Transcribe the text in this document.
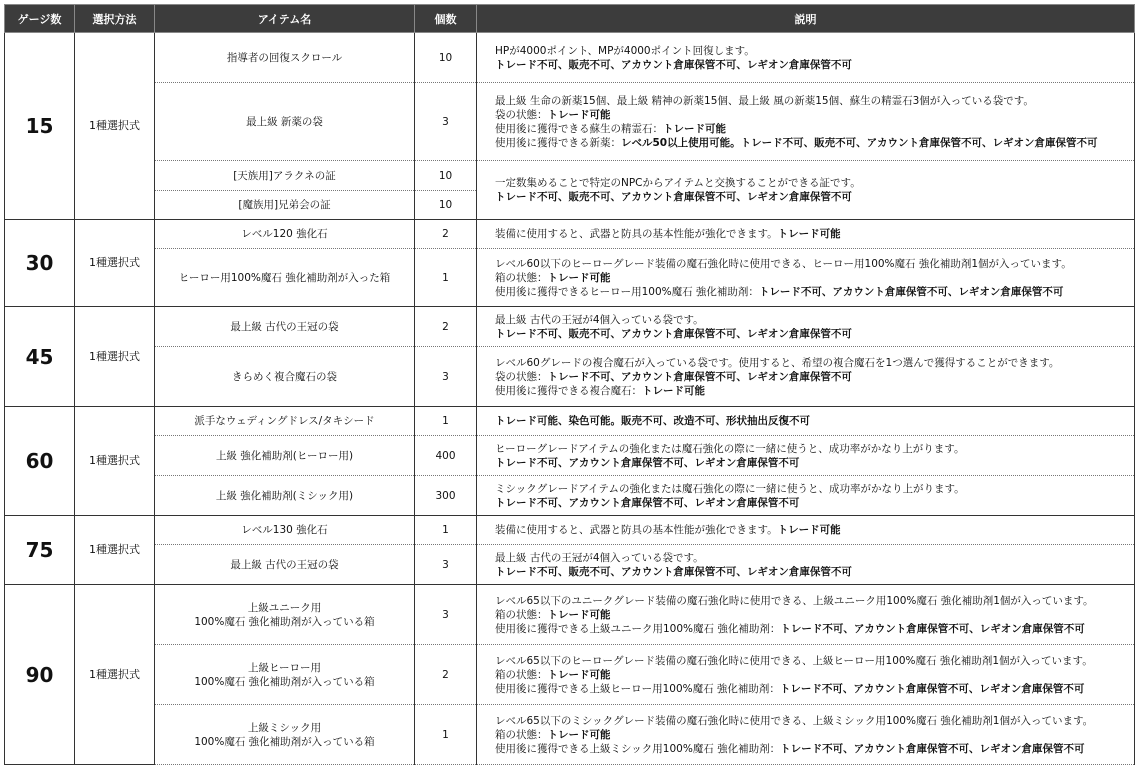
ゲージ数	選択方法	アイテム名	個数	説明
15	1種選択式	指導者の回復スクロール	10	HPが4000ポイント、MPが4000ポイント回復します。
トレード不可、販売不可、アカウント倉庫保管不可、レギオン倉庫保管不可
		最上級 新薬の袋	3	最上級 生命の新薬15個、最上級 精神の新薬15個、最上級 風の新薬15個、蘇生の精霊石3個が入っている袋です。
袋の状態：トレード可能
使用後に獲得できる蘇生の精霊石：トレード可能
使用後に獲得できる新薬：レベル50以上使用可能。トレード不可、販売不可、アカウント倉庫保管不可、レギオン倉庫保管不可
		[天族用]アラクネの証	10	一定数集めることで特定のNPCからアイテムと交換することができる証です。
トレード不可、販売不可、アカウント倉庫保管不可、レギオン倉庫保管不可
		[魔族用]兄弟会の証	10	
30	1種選択式	レベル120 強化石	2	装備に使用すると、武器と防具の基本性能が強化できます。トレード可能
		ヒーロー用100%魔石 強化補助剤が入った箱	1	レベル60以下のヒーローグレード装備の魔石強化時に使用できる、ヒーロー用100%魔石 強化補助剤1個が入っています。
箱の状態：トレード可能
使用後に獲得できるヒーロー用100%魔石 強化補助剤：トレード不可、アカウント倉庫保管不可、レギオン倉庫保管不可
45	1種選択式	最上級 古代の王冠の袋	2	最上級 古代の王冠が4個入っている袋です。
トレード不可、販売不可、アカウント倉庫保管不可、レギオン倉庫保管不可
		きらめく複合魔石の袋	3	レベル60グレードの複合魔石が入っている袋です。使用すると、希望の複合魔石を1つ選んで獲得することができます。
袋の状態：トレード不可、アカウント倉庫保管不可、レギオン倉庫保管不可
使用後に獲得できる複合魔石：トレード可能
60	1種選択式	派手なウェディングドレス/タキシード	1	トレード可能、染色可能。販売不可、改造不可、形状抽出反復不可
		上級 強化補助剤(ヒーロー用)	400	ヒーローグレードアイテムの強化または魔石強化の際に一緒に使うと、成功率がかなり上がります。
トレード不可、アカウント倉庫保管不可、レギオン倉庫保管不可
		上級 強化補助剤(ミシック用)	300	ミシックグレードアイテムの強化または魔石強化の際に一緒に使うと、成功率がかなり上がります。
トレード不可、アカウント倉庫保管不可、レギオン倉庫保管不可
75	1種選択式	レベル130 強化石	1	装備に使用すると、武器と防具の基本性能が強化できます。トレード可能
		最上級 古代の王冠の袋	3	最上級 古代の王冠が4個入っている袋です。
トレード不可、販売不可、アカウント倉庫保管不可、レギオン倉庫保管不可
90	1種選択式	上級ユニーク用
100%魔石 強化補助剤が入っている箱	3	レベル65以下のユニークグレード装備の魔石強化時に使用できる、上級ユニーク用100%魔石 強化補助剤1個が入っています。
箱の状態：トレード可能
使用後に獲得できる上級ユニーク用100%魔石 強化補助剤：トレード不可、アカウント倉庫保管不可、レギオン倉庫保管不可
		上級ヒーロー用
100%魔石 強化補助剤が入っている箱	2	レベル65以下のヒーローグレード装備の魔石強化時に使用できる、上級ヒーロー用100%魔石 強化補助剤1個が入っています。
箱の状態：トレード可能
使用後に獲得できる上級ヒーロー用100%魔石 強化補助剤：トレード不可、アカウント倉庫保管不可、レギオン倉庫保管不可
		上級ミシック用
100%魔石 強化補助剤が入っている箱	1	レベル65以下のミシックグレード装備の魔石強化時に使用できる、上級ミシック用100%魔石 強化補助剤1個が入っています。
箱の状態：トレード可能
使用後に獲得できる上級ミシック用100%魔石 強化補助剤：トレード不可、アカウント倉庫保管不可、レギオン倉庫保管不可
